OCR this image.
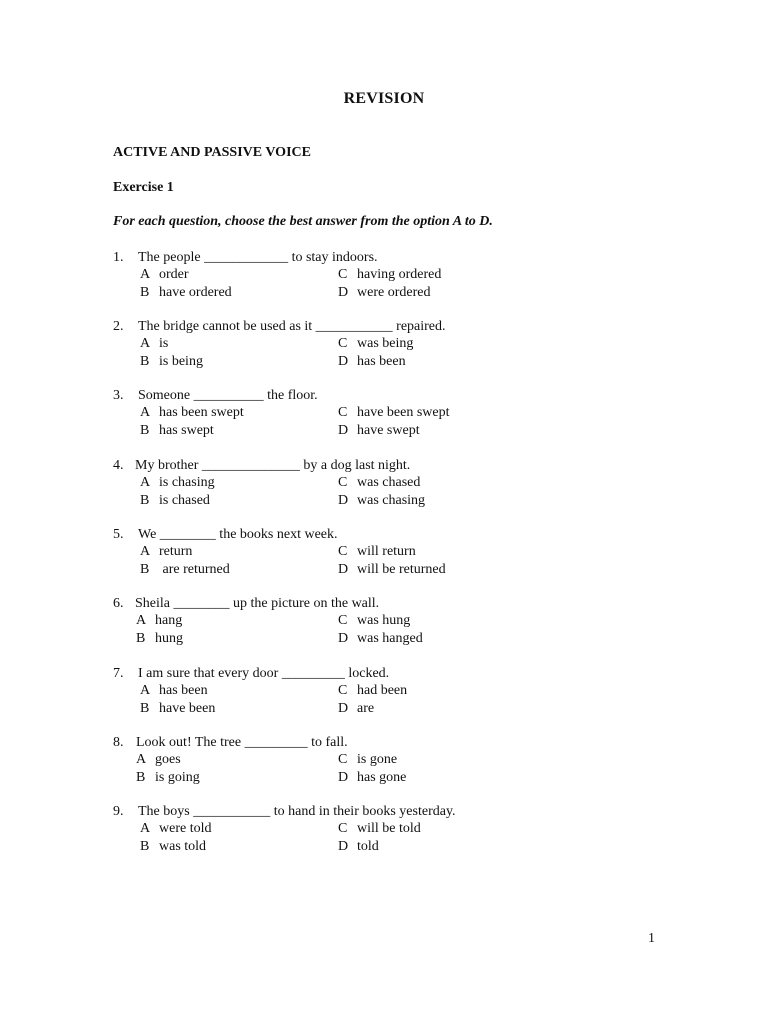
REVISION
ACTIVE AND PASSIVE VOICE
Exercise 1
For each question, choose the best answer from the option A to D.
1. The people ____________ to stay indoors.
A order	C having ordered
B have ordered	D were ordered
2. The bridge cannot be used as it ___________ repaired.
A is	C was being
B is being	D has been
3. Someone __________ the floor.
A has been swept	C have been swept
B has swept	D have swept
4. My brother ______________ by a dog last night.
A is chasing	C was chased
B is chased	D was chasing
5. We ________ the books next week.
A return	C will return
B are returned	D will be returned
6. Sheila ________ up the picture on the wall.
A hang	C was hung
B hung	D was hanged
7. I am sure that every door _________ locked.
A has been	C had been
B have been	D are
8. Look out! The tree _________ to fall.
A goes	C is gone
B is going	D has gone
9. The boys ___________ to hand in their books yesterday.
A were told	C will be told
B was told	D told
1
